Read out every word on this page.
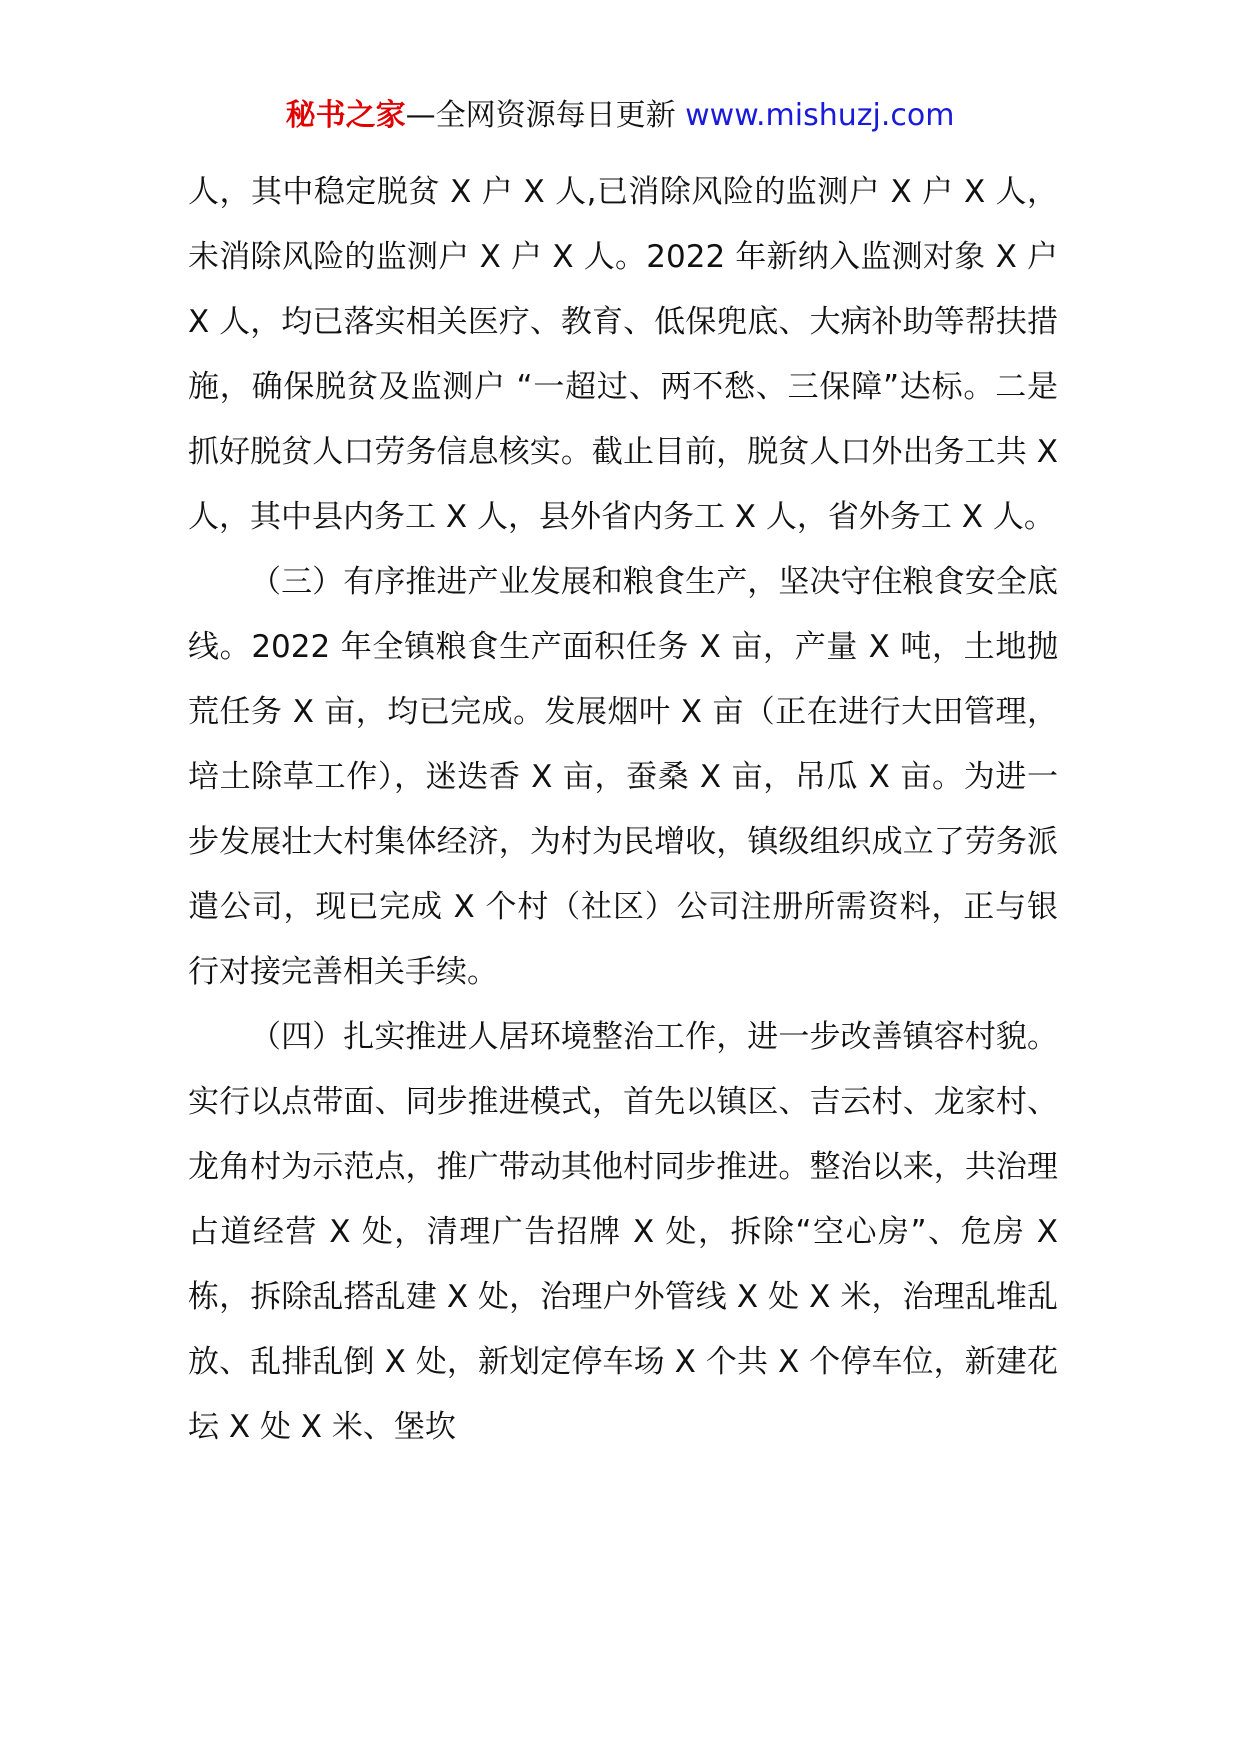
秘书之家—全网资源每日更新 www.mishuzj.com

人，其中稳定脱贫 X 户 X 人,已消除风险的监测户 X 户 X 人，未消除风险的监测户 X 户 X 人。2022 年新纳入监测对象 X 户 X 人，均已落实相关医疗、教育、低保兜底、大病补助等帮扶措施，确保脱贫及监测户 “一超过、两不愁、三保障”达标。二是抓好脱贫人口劳务信息核实。截止目前，脱贫人口外出务工共 X 人，其中县内务工 X 人，县外省内务工 X 人，省外务工 X 人。

（三）有序推进产业发展和粮食生产，坚决守住粮食安全底线。2022 年全镇粮食生产面积任务 X 亩，产量 X 吨，土地抛荒任务 X 亩，均已完成。发展烟叶 X 亩（正在进行大田管理，培土除草工作），迷迭香 X 亩，蚕桑 X 亩，吊瓜 X 亩。为进一步发展壮大村集体经济，为村为民增收，镇级组织成立了劳务派遣公司，现已完成 X 个村（社区）公司注册所需资料，正与银行对接完善相关手续。

（四）扎实推进人居环境整治工作，进一步改善镇容村貌。实行以点带面、同步推进模式，首先以镇区、吉云村、龙家村、龙角村为示范点，推广带动其他村同步推进。整治以来，共治理占道经营 X 处，清理广告招牌 X 处，拆除“空心房”、危房 X 栋，拆除乱搭乱建 X 处，治理户外管线 X 处 X 米，治理乱堆乱放、乱排乱倒 X 处，新划定停车场 X 个共 X 个停车位，新建花坛 X 处 X 米、堡坎
